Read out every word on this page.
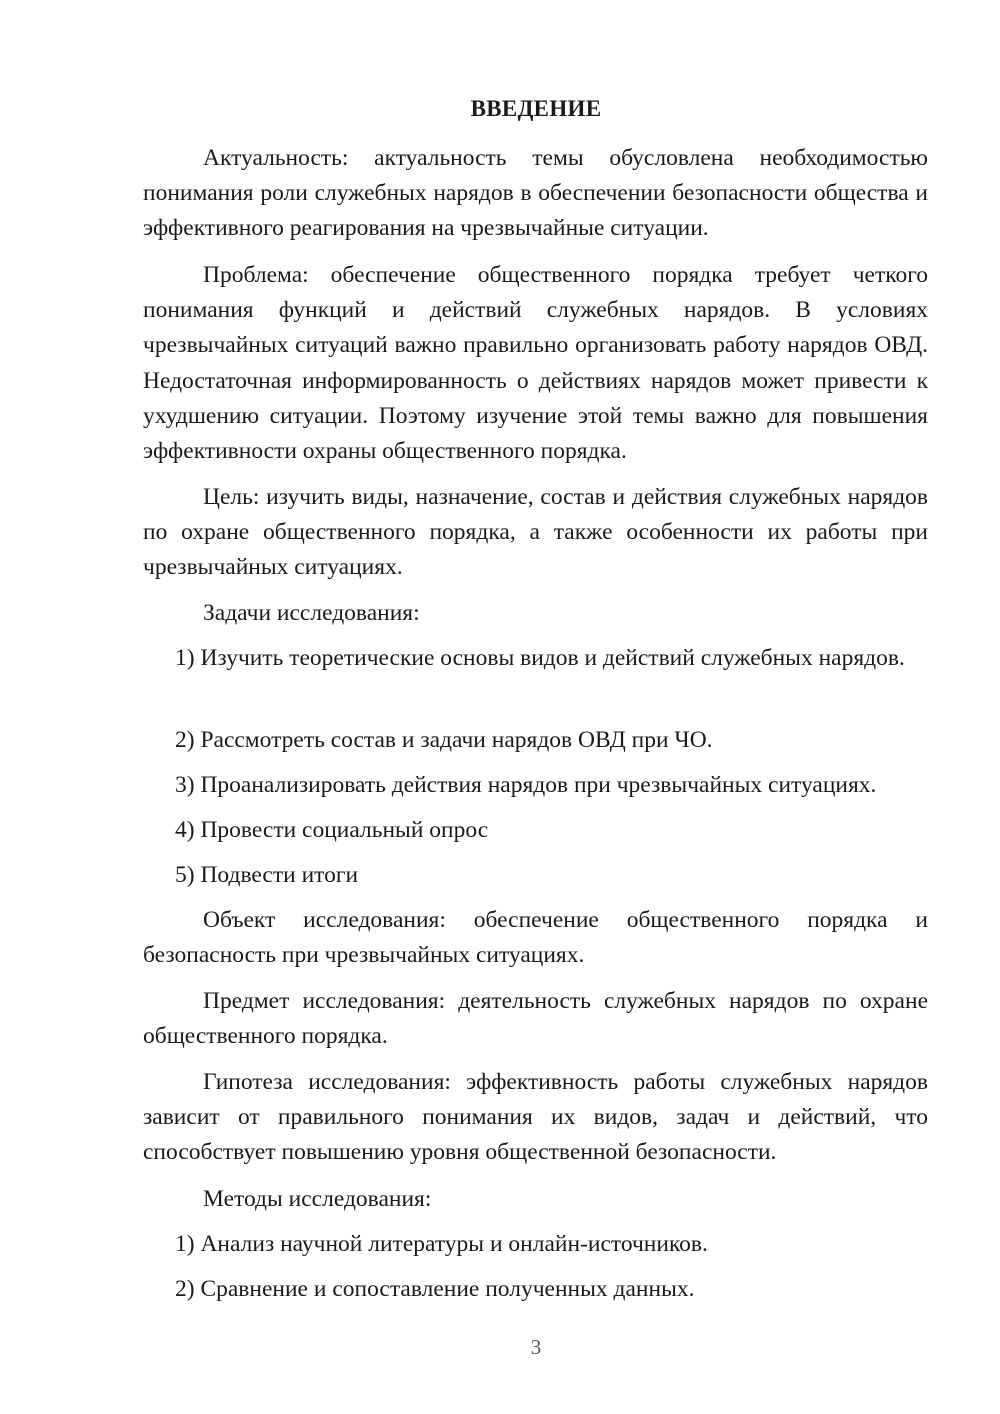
ВВЕДЕНИЕ
Актуальность: актуальность темы обусловлена необходимостью понимания роли служебных нарядов в обеспечении безопасности общества и эффективного реагирования на чрезвычайные ситуации.
Проблема: обеспечение общественного порядка требует четкого понимания функций и действий служебных нарядов. В условиях чрезвычайных ситуаций важно правильно организовать работу нарядов ОВД. Недостаточная информированность о действиях нарядов может привести к ухудшению ситуации. Поэтому изучение этой темы важно для повышения эффективности охраны общественного порядка.
Цель: изучить виды, назначение, состав и действия служебных нарядов по охране общественного порядка, а также особенности их работы при чрезвычайных ситуациях.
Задачи исследования:
1) Изучить теоретические основы видов и действий служебных нарядов.
2) Рассмотреть состав и задачи нарядов ОВД при ЧО.
3) Проанализировать действия нарядов при чрезвычайных ситуациях.
4) Провести социальный опрос
5) Подвести итоги
Объект исследования: обеспечение общественного порядка и безопасность при чрезвычайных ситуациях.
Предмет исследования: деятельность служебных нарядов по охране общественного порядка.
Гипотеза исследования: эффективность работы служебных нарядов зависит от правильного понимания их видов, задач и действий, что способствует повышению уровня общественной безопасности.
Методы исследования:
1) Анализ научной литературы и онлайн-источников.
2) Сравнение и сопоставление полученных данных.
3
